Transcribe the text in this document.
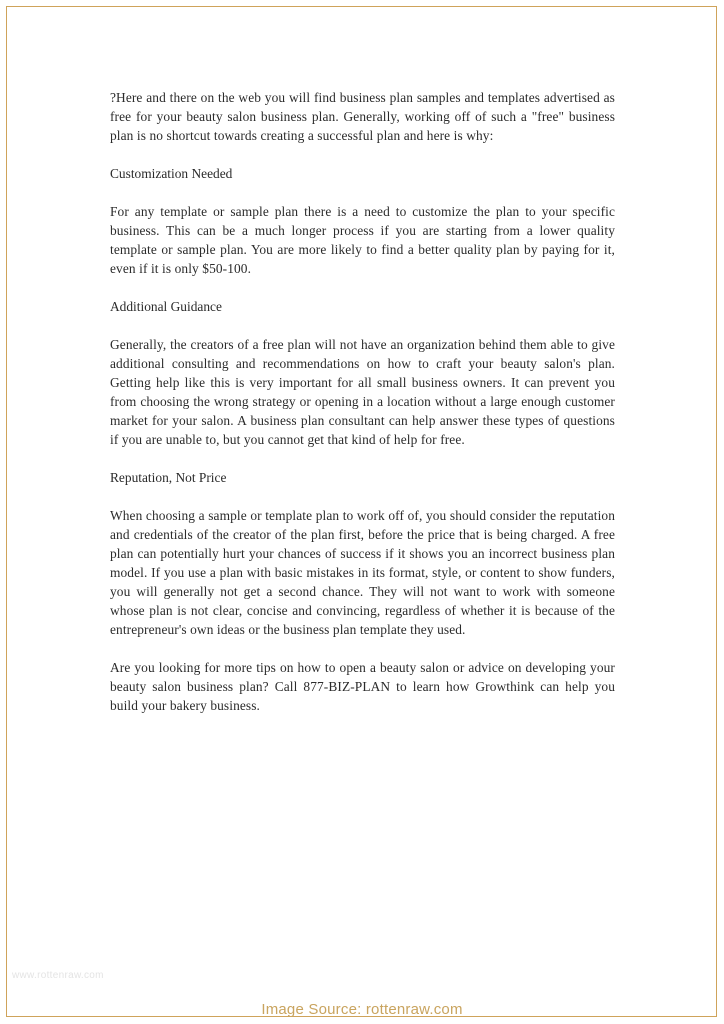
?Here and there on the web you will find business plan samples and templates advertised as free for your beauty salon business plan. Generally, working off of such a "free" business plan is no shortcut towards creating a successful plan and here is why:

Customization Needed

For any template or sample plan there is a need to customize the plan to your specific business. This can be a much longer process if you are starting from a lower quality template or sample plan. You are more likely to find a better quality plan by paying for it, even if it is only $50-100.

Additional Guidance

Generally, the creators of a free plan will not have an organization behind them able to give additional consulting and recommendations on how to craft your beauty salon's plan. Getting help like this is very important for all small business owners. It can prevent you from choosing the wrong strategy or opening in a location without a large enough customer market for your salon. A business plan consultant can help answer these types of questions if you are unable to, but you cannot get that kind of help for free.

Reputation, Not Price

When choosing a sample or template plan to work off of, you should consider the reputation and credentials of the creator of the plan first, before the price that is being charged. A free plan can potentially hurt your chances of success if it shows you an incorrect business plan model. If you use a plan with basic mistakes in its format, style, or content to show funders, you will generally not get a second chance. They will not want to work with someone whose plan is not clear, concise and convincing, regardless of whether it is because of the entrepreneur's own ideas or the business plan template they used.

Are you looking for more tips on how to open a beauty salon or advice on developing your beauty salon business plan? Call 877-BIZ-PLAN to learn how Growthink can help you build your bakery business.

www.rottenraw.com
Image Source: rottenraw.com
